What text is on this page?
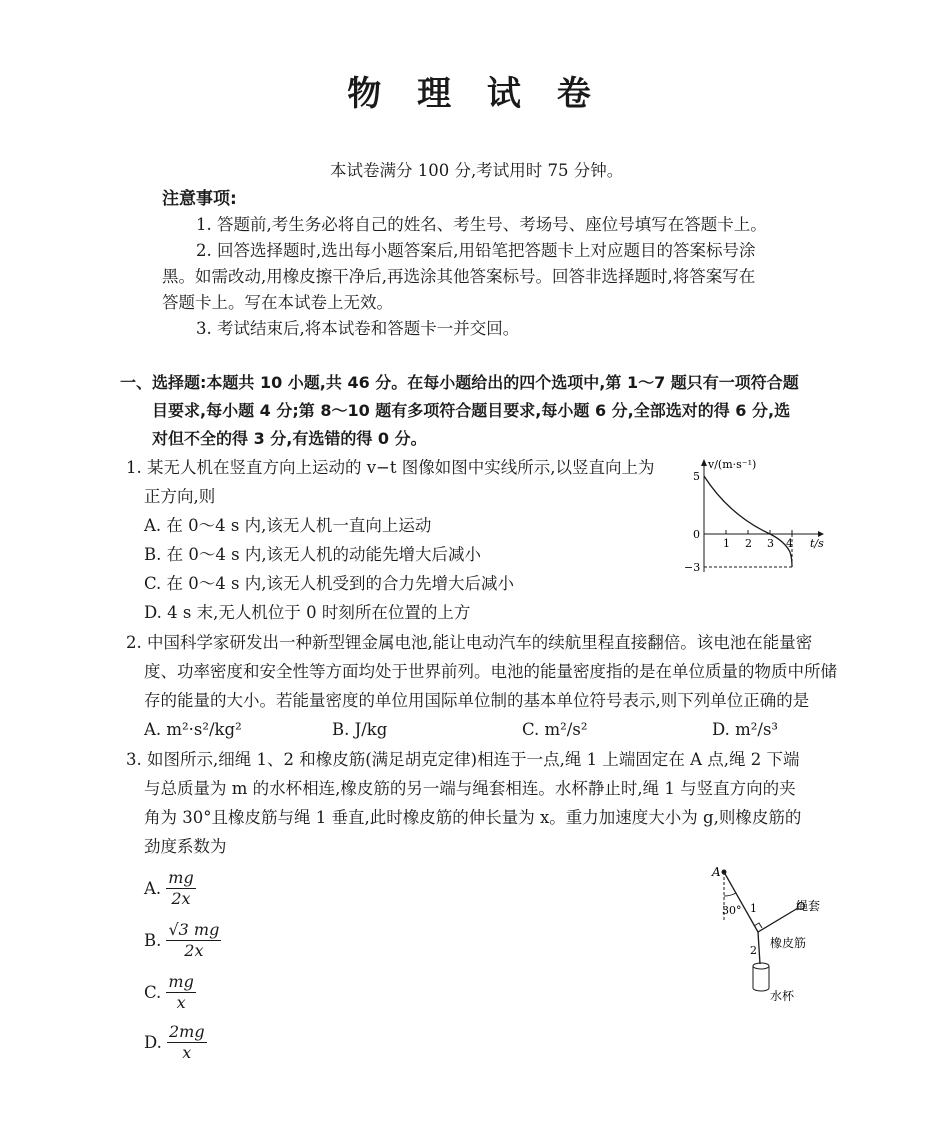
物 理 试 卷
本试卷满分 100 分,考试用时 75 分钟。
注意事项:
1. 答题前,考生务必将自己的姓名、考生号、考场号、座位号填写在答题卡上。
2. 回答选择题时,选出每小题答案后,用铅笔把答题卡上对应题目的答案标号涂
黑。如需改动,用橡皮擦干净后,再选涂其他答案标号。回答非选择题时,将答案写在
答题卡上。写在本试卷上无效。
3. 考试结束后,将本试卷和答题卡一并交回。
一、选择题:本题共 10 小题,共 46 分。在每小题给出的四个选项中,第 1～7 题只有一项符合题
目要求,每小题 4 分;第 8～10 题有多项符合题目要求,每小题 6 分,全部选对的得 6 分,选
对但不全的得 3 分,有选错的得 0 分。
1. 某无人机在竖直方向上运动的 v−t 图像如图中实线所示,以竖直向上为
正方向,则
A. 在 0～4 s 内,该无人机一直向上运动
B. 在 0～4 s 内,该无人机的动能先增大后减小
C. 在 0～4 s 内,该无人机受到的合力先增大后减小
D. 4 s 末,无人机位于 0 时刻所在位置的上方
v/(m·s⁻¹)
t/s
1 2 3 4
5
0
−3
2. 中国科学家研发出一种新型锂金属电池,能让电动汽车的续航里程直接翻倍。该电池在能量密
度、功率密度和安全性等方面均处于世界前列。电池的能量密度指的是在单位质量的物质中所储
存的能量的大小。若能量密度的单位用国际单位制的基本单位符号表示,则下列单位正确的是
A. m²·s²/kg²	B. J/kg	C. m²/s²	D. m²/s³
3. 如图所示,细绳 1、2 和橡皮筋(满足胡克定律)相连于一点,绳 1 上端固定在 A 点,绳 2 下端
与总质量为 m 的水杯相连,橡皮筋的另一端与绳套相连。水杯静止时,绳 1 与竖直方向的夹
角为 30°且橡皮筋与绳 1 垂直,此时橡皮筋的伸长量为 x。重力加速度大小为 g,则橡皮筋的
劲度系数为
A. $\frac{mg}{2x}$
B. $\frac{√3 mg}{2x}$
C. $\frac{mg}{x}$
D. $\frac{2mg}{x}$
A
30° 1	绳套
橡皮筋
2
水杯
